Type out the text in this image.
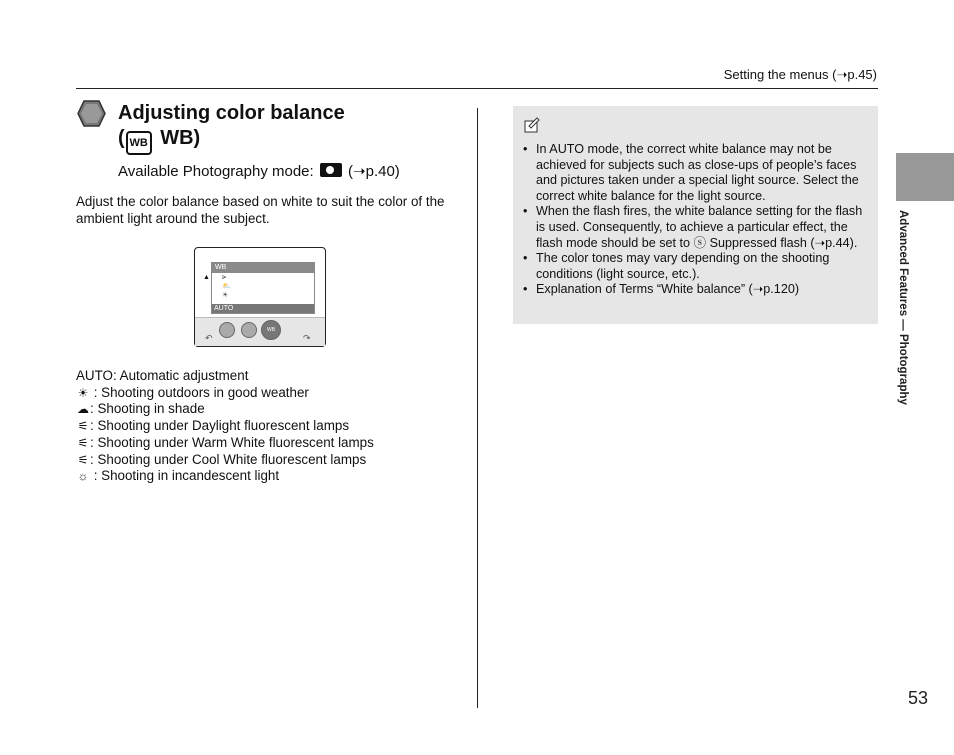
Setting the menus (➝p.45)
Adjusting color balance
( WB WB)
Available Photography mode: (➝p.40)
Adjust the color balance based on white to suit the color of the ambient light around the subject.
▲
WB
⪩
⛅
☀
AUTO
WB
↶	↷
AUTO: Automatic adjustment
☀ : Shooting outdoors in good weather
☁: Shooting in shade
⚟ : Shooting under Daylight fluorescent lamps
⚟ : Shooting under Warm White fluorescent lamps
⚟ : Shooting under Cool White fluorescent lamps
☼ : Shooting in incandescent light
• In AUTO mode, the correct white balance may not be achieved for subjects such as close-ups of people’s faces and pictures taken under a special light source. Select the correct white balance for the light source.
• When the flash fires, the white balance setting for the flash is used. Consequently, to achieve a particular effect, the flash mode should be set to ⓢ Suppressed flash (➝p.44).
• The color tones may vary depending on the shooting conditions (light source, etc.).
• Explanation of Terms “White balance” (➝p.120)	Advanced Features — Photography
53
